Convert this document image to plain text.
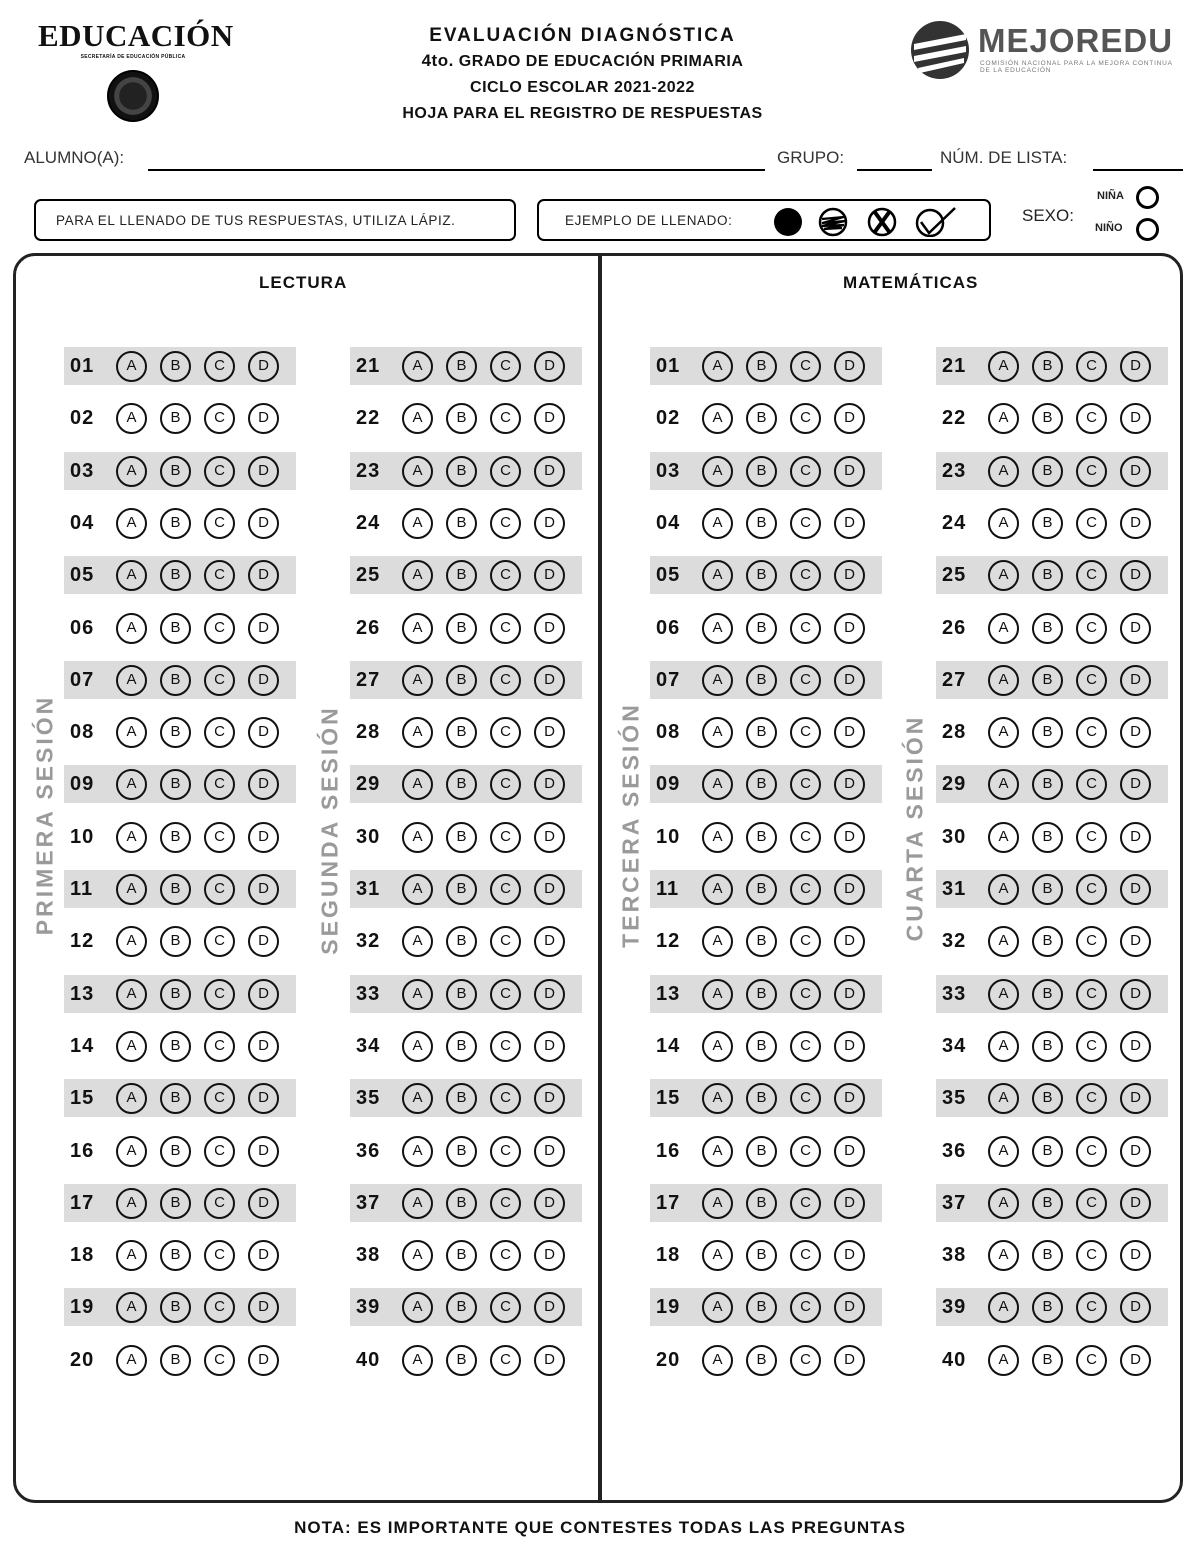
EDUCACIÓN
SECRETARÍA DE EDUCACIÓN PÚBLICA
EVALUACIÓN DIAGNÓSTICA
4to. GRADO DE EDUCACIÓN PRIMARIA
CICLO ESCOLAR 2021-2022
HOJA PARA EL REGISTRO DE RESPUESTAS
MEJOREDU
COMISIÓN NACIONAL PARA LA MEJORA CONTINUA DE LA EDUCACIÓN
ALUMNO(A):	GRUPO:	NÚM. DE LISTA:
PARA EL LLENADO DE TUS RESPUESTAS, UTILIZA LÁPIZ.	EJEMPLO DE LLENADO:	SEXO:
NIÑA
NIÑO
LECTURA	MATEMÁTICAS
PRIMERA SESIÓN	SEGUNDA SESIÓN	TERCERA SESIÓN	CUARTA SESIÓN
01	A	B	C	D
02	A	B	C	D
03	A	B	C	D
04	A	B	C	D
05	A	B	C	D
06	A	B	C	D
07	A	B	C	D
08	A	B	C	D
09	A	B	C	D
10	A	B	C	D
11	A	B	C	D
12	A	B	C	D
13	A	B	C	D
14	A	B	C	D
15	A	B	C	D
16	A	B	C	D
17	A	B	C	D
18	A	B	C	D
19	A	B	C	D
20	A	B	C	D
21	A	B	C	D
22	A	B	C	D
23	A	B	C	D
24	A	B	C	D
25	A	B	C	D
26	A	B	C	D
27	A	B	C	D
28	A	B	C	D
29	A	B	C	D
30	A	B	C	D
31	A	B	C	D
32	A	B	C	D
33	A	B	C	D
34	A	B	C	D
35	A	B	C	D
36	A	B	C	D
37	A	B	C	D
38	A	B	C	D
39	A	B	C	D
40	A	B	C	D
01	A	B	C	D
02	A	B	C	D
03	A	B	C	D
04	A	B	C	D
05	A	B	C	D
06	A	B	C	D
07	A	B	C	D
08	A	B	C	D
09	A	B	C	D
10	A	B	C	D
11	A	B	C	D
12	A	B	C	D
13	A	B	C	D
14	A	B	C	D
15	A	B	C	D
16	A	B	C	D
17	A	B	C	D
18	A	B	C	D
19	A	B	C	D
20	A	B	C	D
21	A	B	C	D
22	A	B	C	D
23	A	B	C	D
24	A	B	C	D
25	A	B	C	D
26	A	B	C	D
27	A	B	C	D
28	A	B	C	D
29	A	B	C	D
30	A	B	C	D
31	A	B	C	D
32	A	B	C	D
33	A	B	C	D
34	A	B	C	D
35	A	B	C	D
36	A	B	C	D
37	A	B	C	D
38	A	B	C	D
39	A	B	C	D
40	A	B	C	D
NOTA: ES IMPORTANTE QUE CONTESTES TODAS LAS PREGUNTAS
